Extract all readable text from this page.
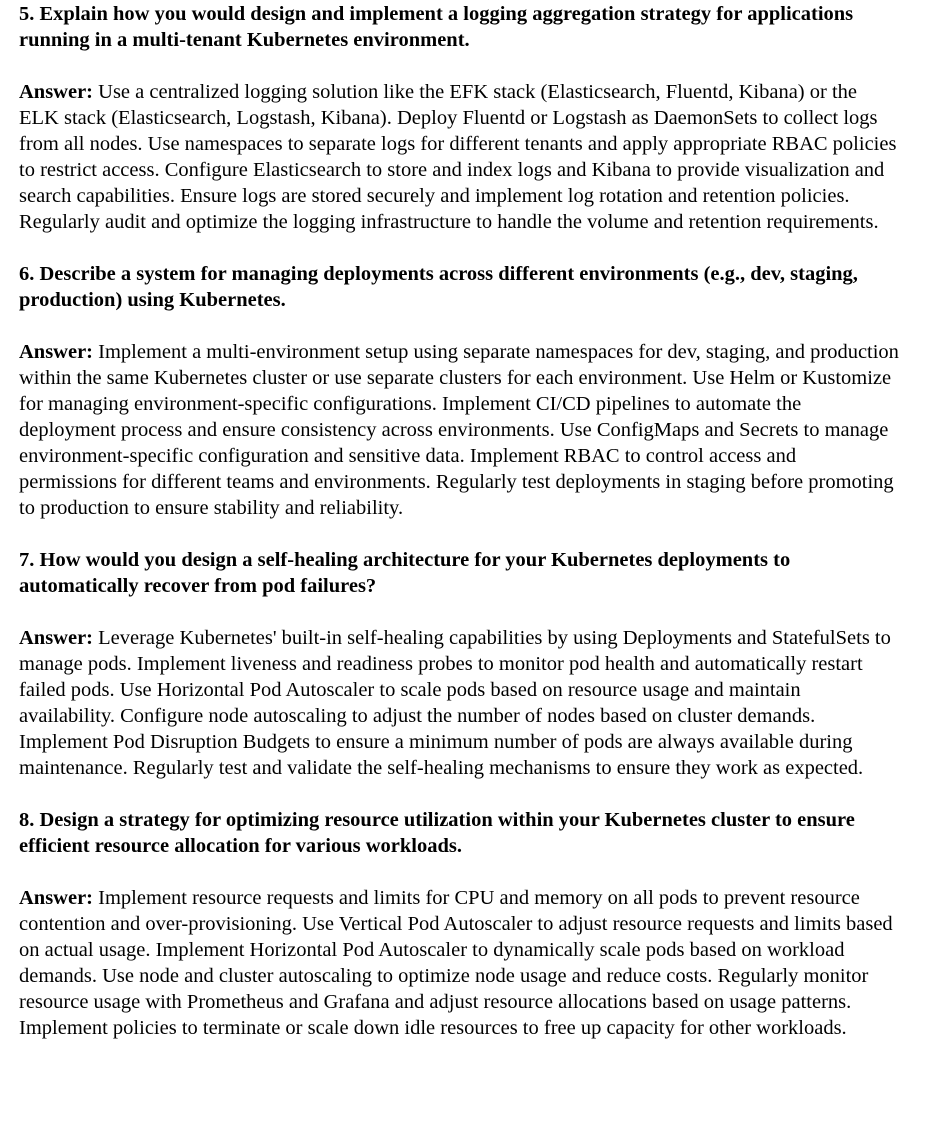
5. Explain how you would design and implement a logging aggregation strategy for applications running in a multi-tenant Kubernetes environment.

Answer: Use a centralized logging solution like the EFK stack (Elasticsearch, Fluentd, Kibana) or the ELK stack (Elasticsearch, Logstash, Kibana). Deploy Fluentd or Logstash as DaemonSets to collect logs from all nodes. Use namespaces to separate logs for different tenants and apply appropriate RBAC policies to restrict access. Configure Elasticsearch to store and index logs and Kibana to provide visualization and search capabilities. Ensure logs are stored securely and implement log rotation and retention policies. Regularly audit and optimize the logging infrastructure to handle the volume and retention requirements.

6. Describe a system for managing deployments across different environments (e.g., dev, staging, production) using Kubernetes.

Answer: Implement a multi-environment setup using separate namespaces for dev, staging, and production within the same Kubernetes cluster or use separate clusters for each environment. Use Helm or Kustomize for managing environment-specific configurations. Implement CI/CD pipelines to automate the deployment process and ensure consistency across environments. Use ConfigMaps and Secrets to manage environment-specific configuration and sensitive data. Implement RBAC to control access and permissions for different teams and environments. Regularly test deployments in staging before promoting to production to ensure stability and reliability.

7. How would you design a self-healing architecture for your Kubernetes deployments to automatically recover from pod failures?

Answer: Leverage Kubernetes' built-in self-healing capabilities by using Deployments and StatefulSets to manage pods. Implement liveness and readiness probes to monitor pod health and automatically restart failed pods. Use Horizontal Pod Autoscaler to scale pods based on resource usage and maintain availability. Configure node autoscaling to adjust the number of nodes based on cluster demands. Implement Pod Disruption Budgets to ensure a minimum number of pods are always available during maintenance. Regularly test and validate the self-healing mechanisms to ensure they work as expected.

8. Design a strategy for optimizing resource utilization within your Kubernetes cluster to ensure efficient resource allocation for various workloads.

Answer: Implement resource requests and limits for CPU and memory on all pods to prevent resource contention and over-provisioning. Use Vertical Pod Autoscaler to adjust resource requests and limits based on actual usage. Implement Horizontal Pod Autoscaler to dynamically scale pods based on workload demands. Use node and cluster autoscaling to optimize node usage and reduce costs. Regularly monitor resource usage with Prometheus and Grafana and adjust resource allocations based on usage patterns. Implement policies to terminate or scale down idle resources to free up capacity for other workloads.
